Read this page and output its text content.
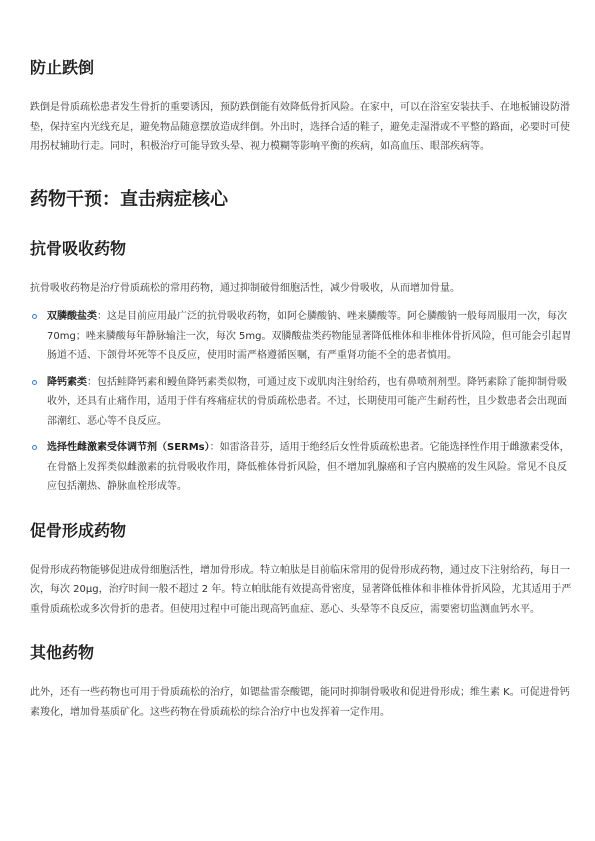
防止跌倒

跌倒是骨质疏松患者发生骨折的重要诱因，预防跌倒能有效降低骨折风险。在家中，可以在浴室安装扶手、在地板铺设防滑垫，保持室内光线充足，避免物品随意摆放造成绊倒。外出时，选择合适的鞋子，避免走湿滑或不平整的路面，必要时可使用拐杖辅助行走。同时，积极治疗可能导致头晕、视力模糊等影响平衡的疾病，如高血压、眼部疾病等。

药物干预：直击病症核心
抗骨吸收药物

抗骨吸收药物是治疗骨质疏松的常用药物，通过抑制破骨细胞活性，减少骨吸收，从而增加骨量。

双膦酸盐类：这是目前应用最广泛的抗骨吸收药物，如阿仑膦酸钠、唑来膦酸等。阿仑膦酸钠一般每周服用一次，每次 70mg；唑来膦酸每年静脉输注一次，每次 5mg。双膦酸盐类药物能显著降低椎体和非椎体骨折风险，但可能会引起胃肠道不适、下颌骨坏死等不良反应，使用时需严格遵循医嘱，有严重肾功能不全的患者慎用。
降钙素类：包括鲑降钙素和鳗鱼降钙素类似物，可通过皮下或肌肉注射给药，也有鼻喷剂剂型。降钙素除了能抑制骨吸收外，还具有止痛作用，适用于伴有疼痛症状的骨质疏松患者。不过，长期使用可能产生耐药性，且少数患者会出现面部潮红、恶心等不良反应。
选择性雌激素受体调节剂（SERMs）：如雷洛昔芬，适用于绝经后女性骨质疏松患者。它能选择性作用于雌激素受体，在骨骼上发挥类似雌激素的抗骨吸收作用，降低椎体骨折风险，但不增加乳腺癌和子宫内膜癌的发生风险。常见不良反应包括潮热、静脉血栓形成等。
促骨形成药物

促骨形成药物能够促进成骨细胞活性，增加骨形成。特立帕肽是目前临床常用的促骨形成药物，通过皮下注射给药，每日一次，每次 20μg，治疗时间一般不超过 2 年。特立帕肽能有效提高骨密度，显著降低椎体和非椎体骨折风险，尤其适用于严重骨质疏松或多次骨折的患者。但使用过程中可能出现高钙血症、恶心、头晕等不良反应，需要密切监测血钙水平。

其他药物

此外，还有一些药物也可用于骨质疏松的治疗，如锶盐雷奈酸锶，能同时抑制骨吸收和促进骨形成；维生素 K。可促进骨钙素羧化，增加骨基质矿化。这些药物在骨质疏松的综合治疗中也发挥着一定作用。
